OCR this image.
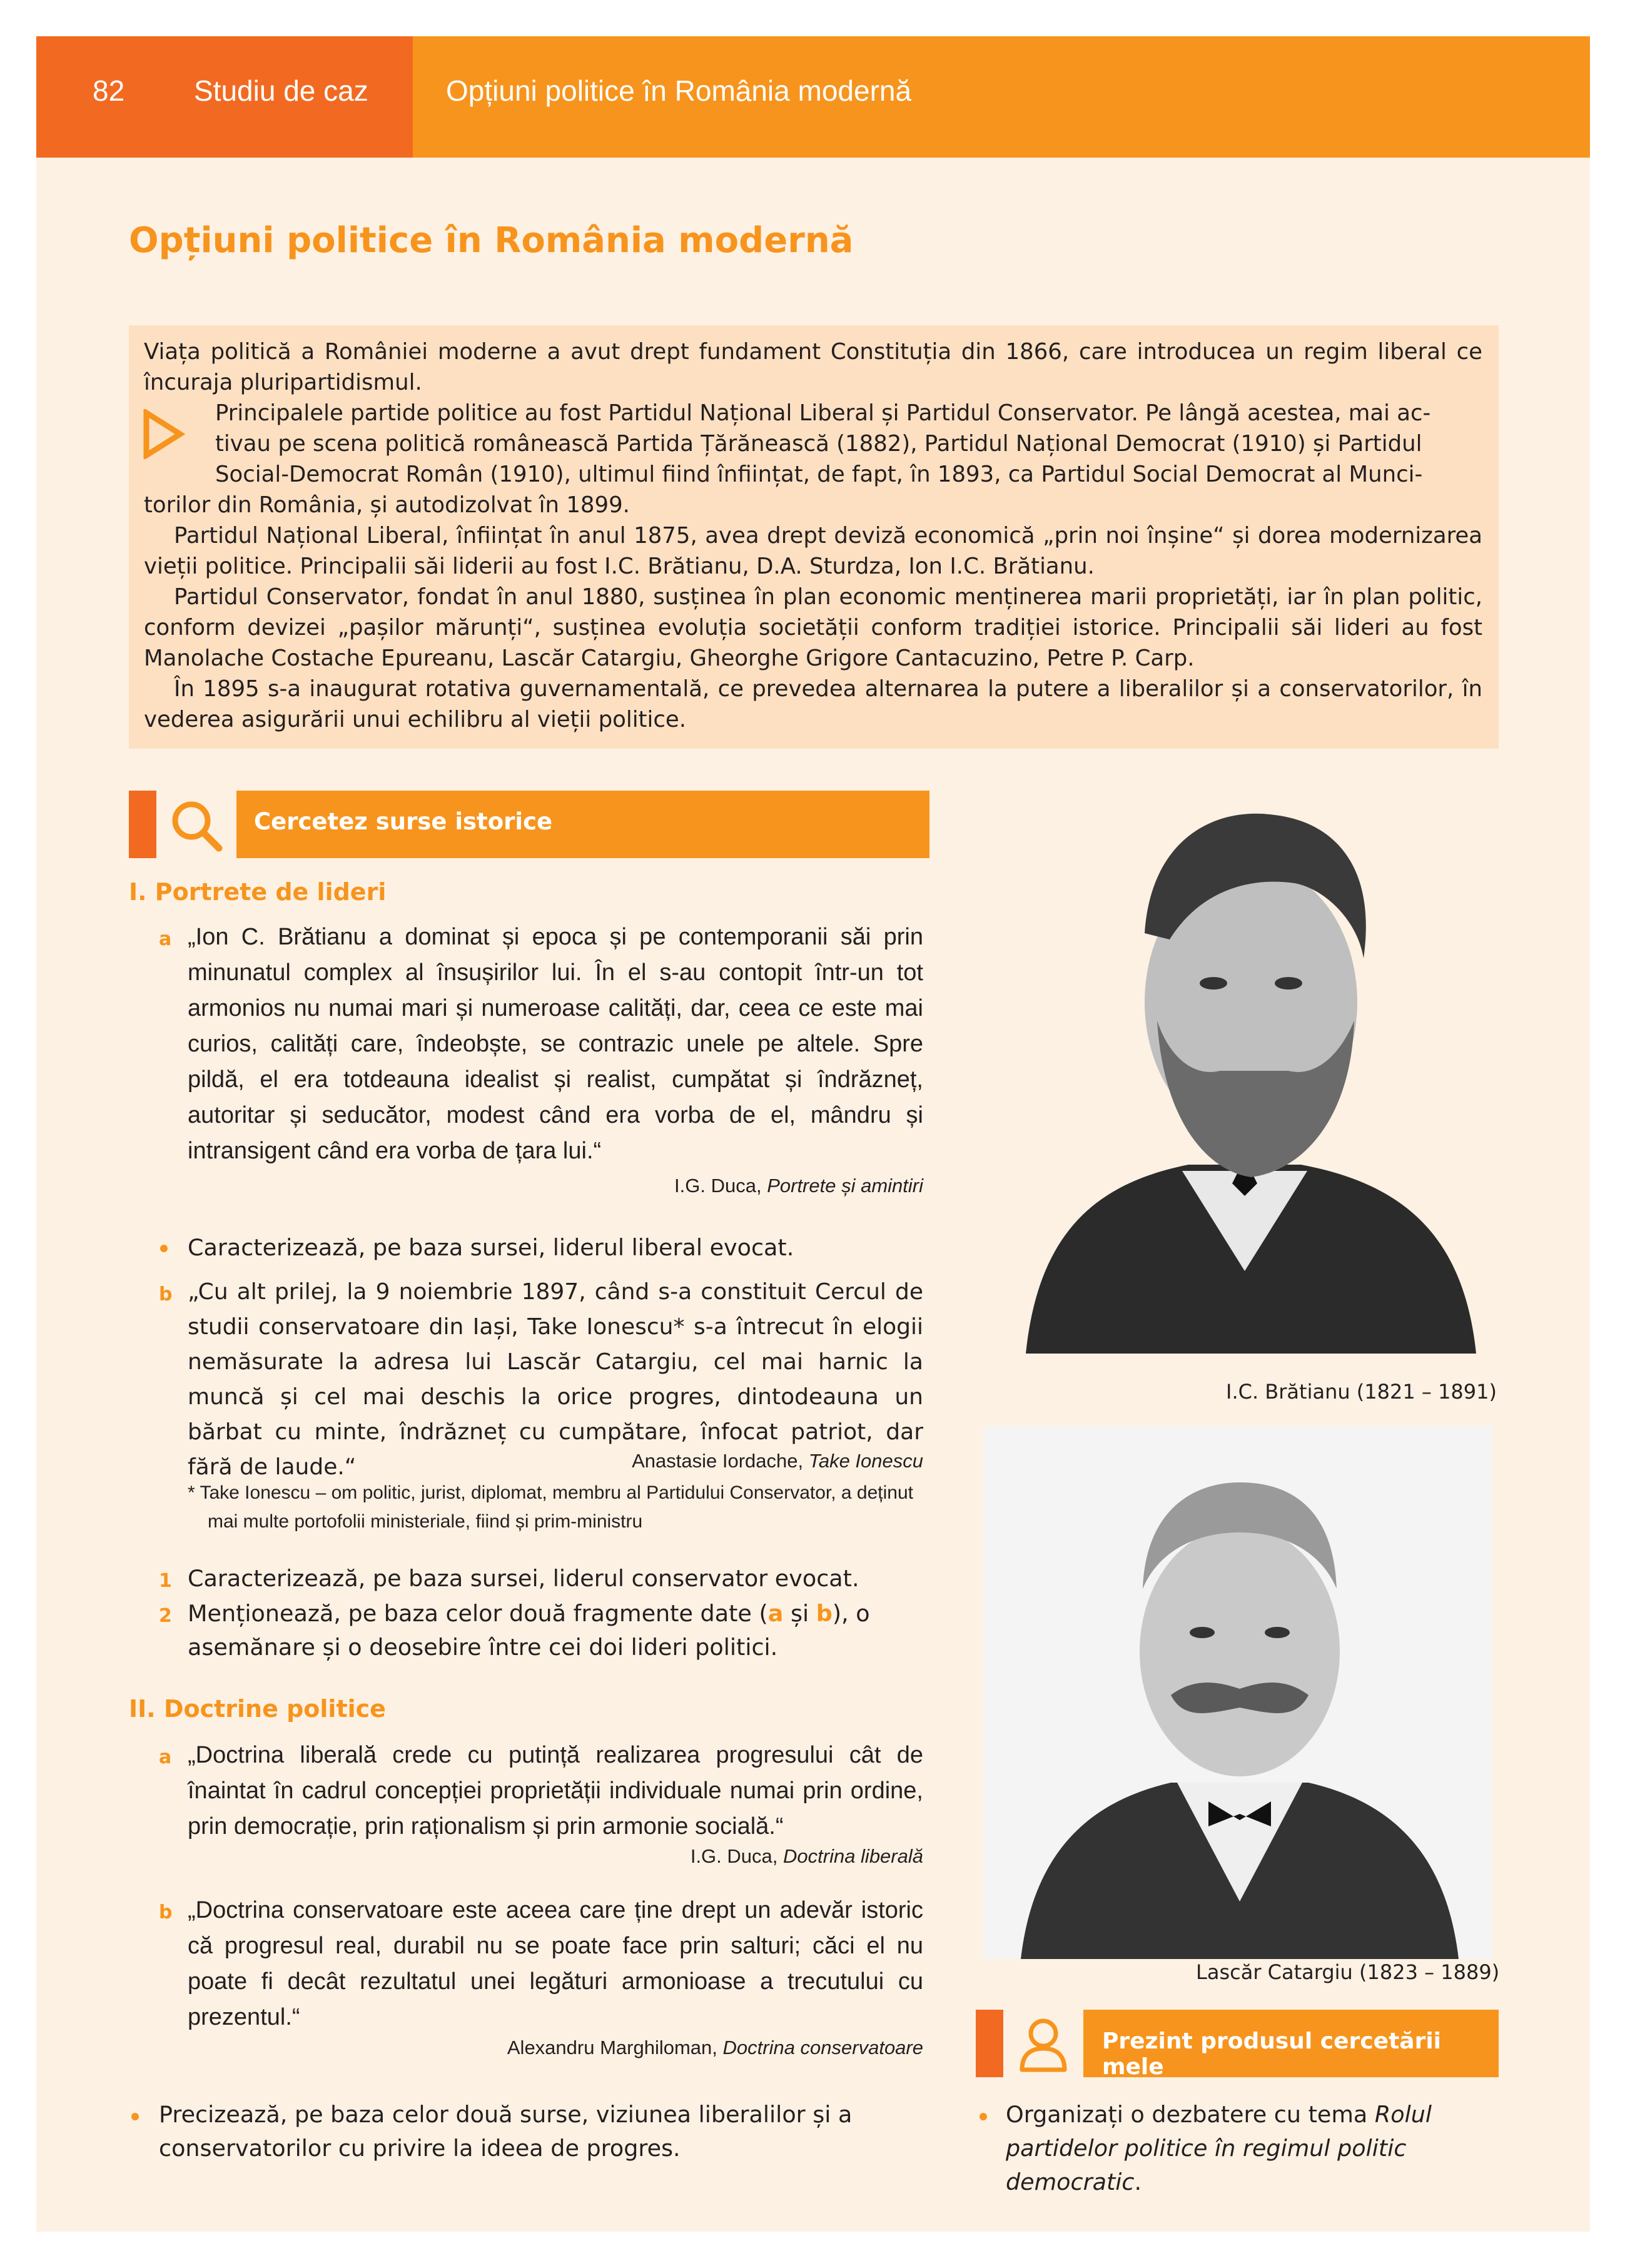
82 Studiu de caz	Opțiuni politice în România modernă
Opțiuni politice în România modernă

Viața politică a României moderne a avut drept fundament Constituția din 1866, care introducea un regim liberal ce încuraja pluripartidismul.

Principalele partide politice au fost Partidul Național Liberal și Partidul Conservator. Pe lângă acestea, mai ac-

tivau pe scena politică românească Partida Țărănească (1882), Partidul Național Democrat (1910) și Partidul

Social-Democrat Român (1910), ultimul fiind înființat, de fapt, în 1893, ca Partidul Social Democrat al Munci-

torilor din România, și autodizolvat în 1899.

Partidul Național Liberal, înființat în anul 1875, avea drept deviză economică „prin noi înșine“ și dorea modernizarea vieții politice. Principalii săi liderii au fost I.C. Brătianu, D.A. Sturdza, Ion I.C. Brătianu.

Partidul Conservator, fondat în anul 1880, susținea în plan economic menținerea marii proprietăți, iar în plan politic, conform devizei „pașilor mărunți“, susținea evoluția societății conform tradiției istorice. Principalii săi lideri au fost Manolache Costache Epureanu, Lascăr Catargiu, Gheorghe Grigore Cantacuzino, Petre P. Carp.

În 1895 s-a inaugurat rotativa guvernamentală, ce prevedea alternarea la putere a liberalilor și a conservatorilor, în vederea asigurării unui echilibru al vieții politice.

Cercetez surse istorice
I. Portrete de lideri
a „Ion C. Brătianu a dominat și epoca și pe contemporanii săi prin minunatul complex al însușirilor lui. În el s-au contopit într-un tot armonios nu numai mari și numeroase calități, dar, ceea ce este mai curios, calități care, îndeobște, se contrazic unele pe altele. Spre pildă, el era totdeauna idealist și realist, cumpătat și îndrăzneț, autoritar și seducător, modest când era vorba de el, mândru și intransigent când era vorba de țara lui.“
I.G. Duca, Portrete și amintiri
Caracterizează, pe baza sursei, liderul liberal evocat.
b „Cu alt prilej, la 9 noiembrie 1897, când s-a constituit Cercul de studii conservatoare din Iași, Take Ionescu* s-a întrecut în elogii nemăsurate la adresa lui Lascăr Catargiu, cel mai harnic la muncă și cel mai deschis la orice progres, dintodeauna un bărbat cu minte, îndrăzneț cu cumpătare, înfocat patriot, dar fără de laude.“	Anastasie Iordache, Take Ionescu
* Take Ionescu – om politic, jurist, diplomat, membru al Partidului Conservator, a deținut mai multe portofolii ministeriale, fiind și prim-ministru
1 Caracterizează, pe baza sursei, liderul conservator evocat.
2 Menționează, pe baza celor două fragmente date (a și b), o asemănare și o deosebire între cei doi lideri politici.
II. Doctrine politice
a „Doctrina liberală crede cu putință realizarea progresului cât de înaintat în cadrul concepției proprietății individuale numai prin ordine, prin democrație, prin raționalism și prin armonie socială.“
I.G. Duca, Doctrina liberală
b „Doctrina conservatoare este aceea care ține drept un adevăr istoric că progresul real, durabil nu se poate face prin salturi; căci el nu poate fi decât rezultatul unei legături armonioase a trecutului cu prezentul.“
Alexandru Marghiloman, Doctrina conservatoare
Precizează, pe baza celor două surse, viziunea liberalilor și a conservatorilor cu privire la ideea de progres.
I.C. Brătianu (1821 – 1891)
Lascăr Catargiu (1823 – 1889)
Prezint produsul cercetării mele
Organizați o dezbatere cu tema Rolul partidelor politice în regimul politic democratic.
